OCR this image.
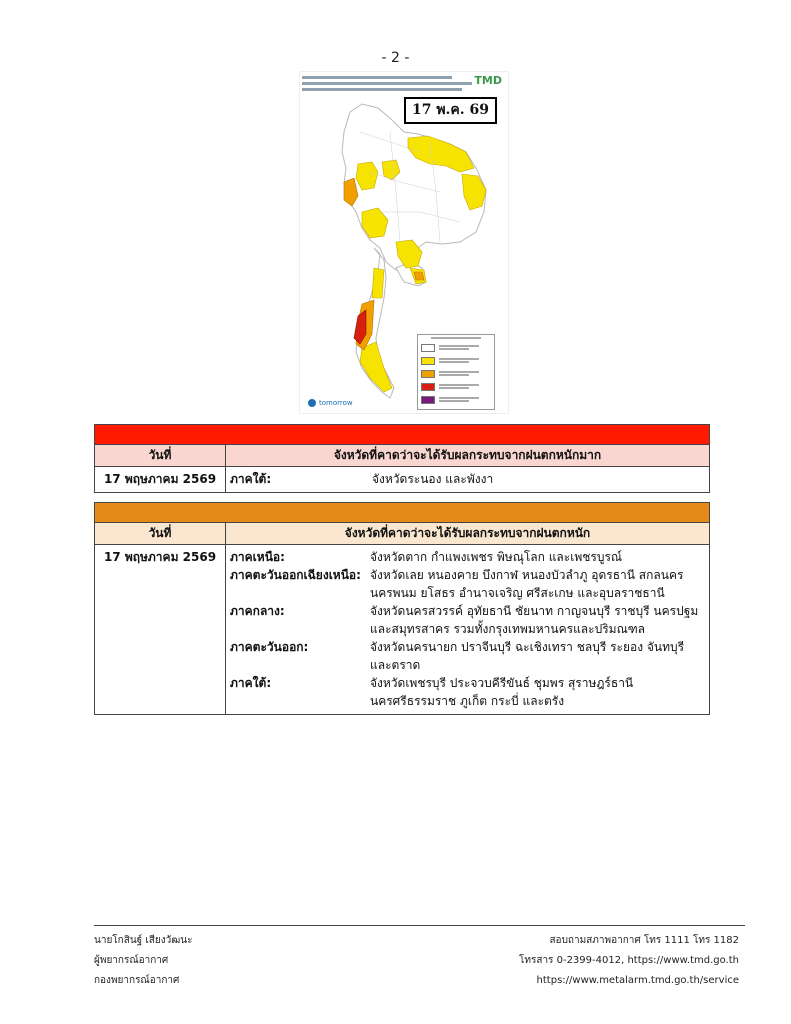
- 2 -
TMD
17 พ.ค. 69
tomorrow
วันที่	จังหวัดที่คาดว่าจะได้รับผลกระทบจากฝนตกหนักมาก
17 พฤษภาคม 2569	ภาคใต้:	จังหวัดระนอง และพังงา
วันที่	จังหวัดที่คาดว่าจะได้รับผลกระทบจากฝนตกหนัก
17 พฤษภาคม 2569	ภาคเหนือ:	จังหวัดตาก กำแพงเพชร พิษณุโลก และเพชรบูรณ์
ภาคตะวันออกเฉียงเหนือ: จังหวัดเลย หนองคาย บึงกาฬ หนองบัวลำภู อุดรธานี สกลนคร
นครพนม ยโสธร อำนาจเจริญ ศรีสะเกษ และอุบลราชธานี
ภาคกลาง:	จังหวัดนครสวรรค์ อุทัยธานี ชัยนาท กาญจนบุรี ราชบุรี นครปฐม
และสมุทรสาคร รวมทั้งกรุงเทพมหานครและปริมณฑล
ภาคตะวันออก:	จังหวัดนครนายก ปราจีนบุรี ฉะเชิงเทรา ชลบุรี ระยอง จันทบุรี
และตราด
ภาคใต้:	จังหวัดเพชรบุรี ประจวบคีรีขันธ์ ชุมพร สุราษฎร์ธานี
นครศรีธรรมราช ภูเก็ต กระบี่ และตรัง
นายโกสินฐ์ เสียงวัฒนะ
ผู้พยากรณ์อากาศ
กองพยากรณ์อากาศ
สอบถามสภาพอากาศ โทร 1111 โทร 1182
โทรสาร 0-2399-4012, https://www.tmd.go.th
https://www.metalarm.tmd.go.th/service
